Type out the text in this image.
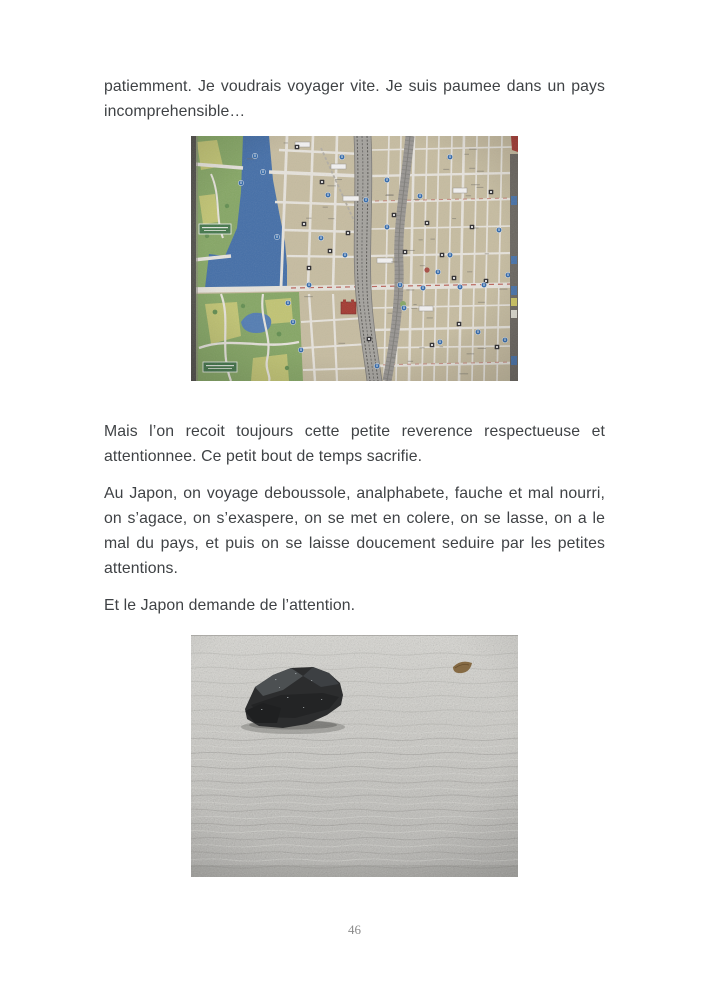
patiemment. Je voudrais voyager vite. Je suis paumee dans un pays incomprehensible…

Mais l’on recoit toujours cette petite reverence respectueuse et attentionnee. Ce petit bout de temps sacrifie.

Au Japon, on voyage deboussole, analphabete, fauche et mal nourri, on s’agace, on s’exaspere, on se met en colere, on se lasse, on a le mal du pays, et puis on se laisse doucement seduire par les petites attentions.

Et le Japon demande de l’attention.

46
